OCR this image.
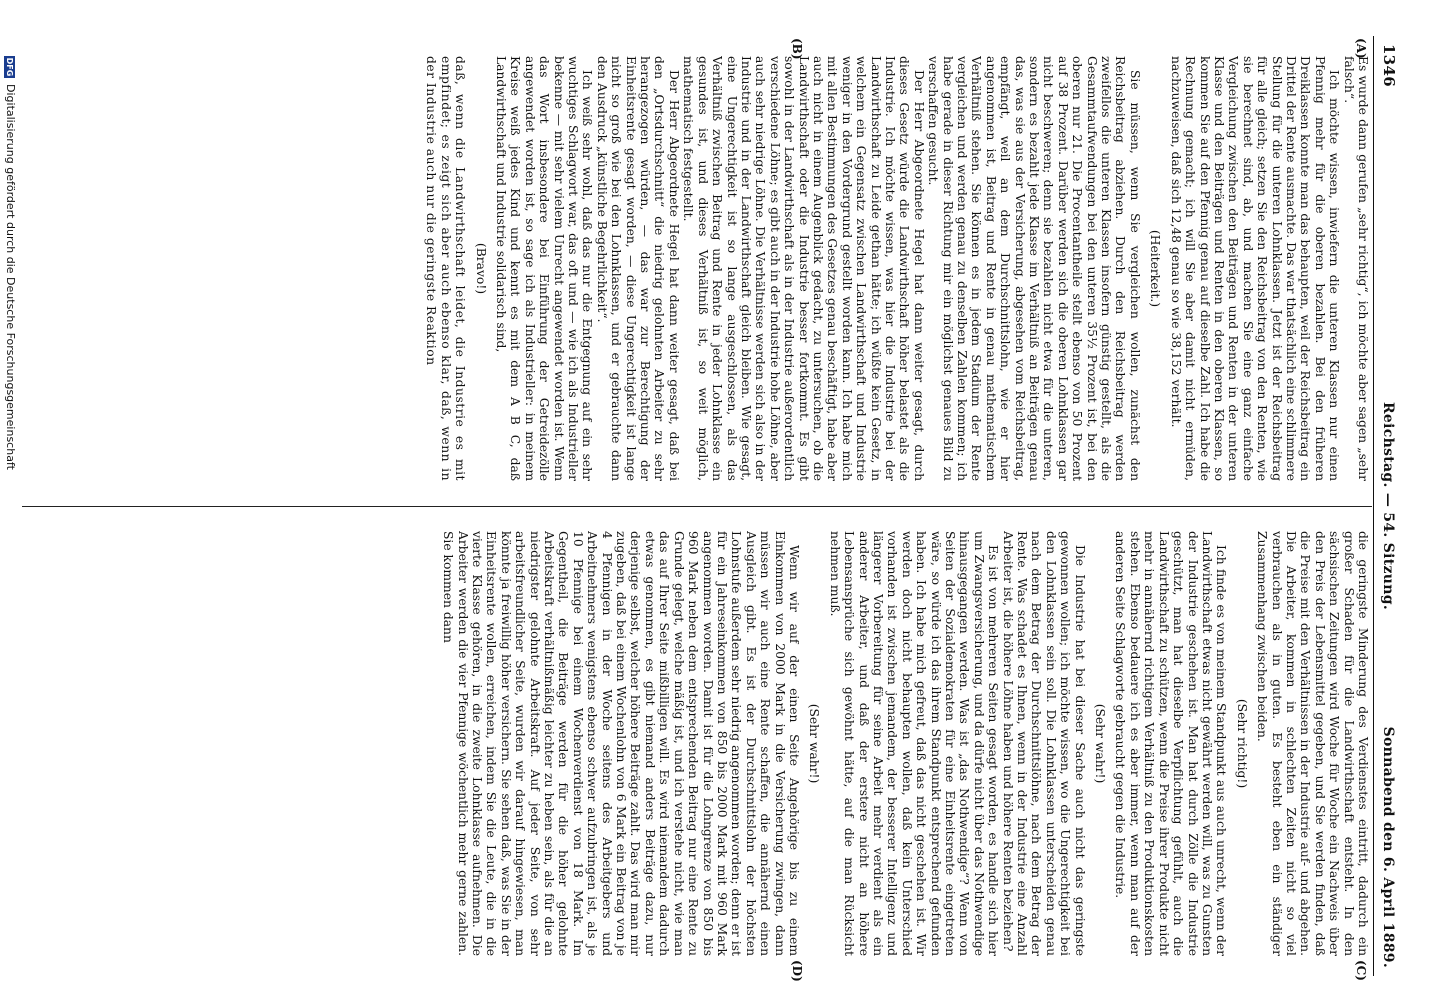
1346
Reichstag. — 54. Sitzung.
Sonnabend den 6. April 1889.
(A)
(B)
(C)
(D)

Es wurde dann gerufen „sehr richtig“, ich möchte aber sagen „sehr falsch“.

Ich möchte wissen, inwiefern die unteren Klassen nur einen Pfennig mehr für die oberen bezahlen. Bei den früheren Dreiklassen konnte man das behaupten, weil der Reichsbeitrag ein Drittel der Rente ausmachte. Das war thatsächlich eine schlimmere Stellung für die unteren Lohnklassen. Jetzt ist der Reichsbeitrag für alle gleich; setzen Sie den Reichsbeitrag von den Renten, wie sie berechnet sind, ab, und machen Sie eine ganz einfache Vergleichung zwischen den Beiträgen und Renten in der unteren Klasse und den Beiträgen und Renten in den oberen Klassen, so kommen Sie auf den Pfennig genau auf dieselbe Zahl. Ich habe die Rechnung gemacht; ich will Sie aber damit nicht ermüden, nachzuweisen, daß sich 12,48 genau so wie 38,152 verhält.

(Heiterkeit.)

Sie müssen, wenn Sie vergleichen wollen, zunächst den Reichsbeitrag abziehen. Durch den Reichsbeitrag werden zweifellos die unteren Klassen insofern günstig gestellt, als die Gesammtaufwendungen bei den unteren 35½ Prozent ist, bei den oberen nur 21. Die Procentantheile stellt ebenso von 50 Prozent auf 38 Prozent. Darüber werden sich die oberen Lohnklassen gar nicht beschweren; denn sie bezahlen nicht etwa für die unteren, sondern es bezahlt jede Klasse im Verhältniß an Beiträgen genau das, was sie aus der Versicherung, abgesehen vom Reichsbeitrag, empfängt, weil an dem Durchschnittslohn, wie er hier angenommen ist, Beitrag und Rente in genau mathematischem Verhältniß stehen. Sie können es in jedem Stadium der Rente vergleichen und werden genau zu denselben Zahlen kommen; ich habe gerade in dieser Richtung mir ein möglichst genaues Bild zu verschaffen gesucht.

Der Herr Abgeordnete Hegel hat dann weiter gesagt, durch dieses Gesetz würde die Landwirthschaft höher belastet als die Industrie. Ich möchte wissen, was hier die Industrie bei der Landwirthschaft zu Leide gethan hätte; ich wüßte kein Gesetz, in welchem ein Gegensatz zwischen Landwirthschaft und Industrie weniger in den Vordergrund gestellt worden kann. Ich habe mich mit allen Bestimmungen des Gesetzes genau beschäftigt, habe aber auch nicht in einem Augenblick gedacht, zu untersuchen, ob die Landwirthschaft oder die Industrie besser fortkommt. Es gibt sowohl in der Landwirthschaft als in der Industrie außerordentlich verschiedene Löhne; es gibt auch in der Industrie hohe Löhne, aber auch sehr niedrige Löhne. Die Verhältnisse werden sich also in der Industrie und in der Landwirthschaft gleich bleiben. Wie gesagt, eine Ungerechtigkeit ist so lange ausgeschlossen, als das Verhältniß zwischen Beitrag und Rente in jeder Lohnklasse ein gesundes ist, und dieses Verhältniß ist, so weit möglich, mathematisch festgestellt.

Der Herr Abgeordnete Hegel hat dann weiter gesagt, daß bei den „Ortsdurchschnitt“ die niedrig gelohnten Arbeiter zu sehr herangezogen würden, — das war zur Berechtigung der Einheitsrente gesagt worden, — diese Ungerechtigkeit ist lange nicht so groß wie bei den Lohnklassen, und er gebrauchte dann den Ausdruck „künstliche Begehrlichkeit“.

Ich weiß sehr wohl, daß das nur die Entgegnung auf ein sehr wuchtiges Schlagwort war, das oft und — wie ich als Industrieller bekenne — mit sehr vielem Unrecht angewendet worden ist. Wenn das Wort insbesondere bei Einführung der Getreidezölle angewendet worden ist, so sage ich als Industrieller: in meinem Kreise weiß jedes Kind und kennt es mit dem A B C, daß Landwirthschaft und Industrie solidarisch sind,

(Bravo!)

daß, wenn die Landwirthschaft leidet, die Industrie es mit empfindet; es zeigt sich aber auch ebenso klar, daß, wenn in der Industrie auch nur die geringste Reaktion

die geringste Minderung des Verdienstes eintritt, dadurch ein großer Schaden für die Landwirthschaft entsteht. In den sächsischen Zeitungen wird Woche für Woche ein Nachweis über den Preis der Lebensmittel gegeben, und Sie werden finden, daß die Preise mit den Verhältnissen in der Industrie auf- und abgehen. Die Arbeiter, kommen in schlechten Zeiten nicht so viel verbrauchen als in guten. Es besteht eben ein ständiger Zusammenhang zwischen beiden.

(Sehr richtig!)

Ich finde es von meinem Standpunkt aus auch unrecht, wenn der Landwirthschaft etwas nicht gewährt werden will, was zu Gunsten der Industrie geschehen ist. Man hat durch Zölle die Industrie geschützt, man hat dieselbe Verpflichtung gefühlt, auch die Landwirthschaft zu schützen, wenn die Preise ihrer Produkte nicht mehr in annähernd richtigem Verhältniß zu den Produktionskosten stehen. Ebenso bedauere ich es aber immer, wenn man auf der anderen Seite Schlagworte gebraucht gegen die Industrie.

(Sehr wahr!)

Die Industrie hat bei dieser Sache auch nicht das geringste gewonnen wollen; ich möchte wissen, wo die Ungerechtigkeit bei den Lohnklassen sein soll. Die Lohnklassen unterscheiden genau nach dem Betrag der Durchschnittslöhne, nach dem Betrag der Rente. Was schadet es Ihnen, wenn in der Industrie eine Anzahl Arbeiter ist, die höhere Löhne haben und höhere Renten beziehen?

Es ist von mehreren Seiten gesagt worden, es handle sich hier um Zwangsversicherung, und da dürfe nicht über das Nothwendige hinausgegangen werden. Was ist „das Nothwendige“? Wenn von Seiten der Sozialdemokraten für eine Einheitsrente eingetreten wäre, so würde ich das ihrem Standpunkt entsprechend gefunden haben. Ich habe mich gefreut, daß das nicht geschehen ist. Wir werden doch nicht behaupten wollen, daß kein Unterschied vorhanden ist zwischen jemandem, der besserer Intelligenz und längerer Vorbereitung für seine Arbeit mehr verdient als ein anderer Arbeiter, und daß der erstere nicht an höhere Lebensansprüche sich gewöhnt hätte, auf die man Rücksicht nehmen muß.

(Sehr wahr!)

Wenn wir auf der einen Seite Angehörige bis zu einem Einkommen von 2000 Mark in die Versicherung zwingen, dann müssen wir auch eine Rente schaffen, die annähernd einen Ausgleich gibt. Es ist der Durchschnittslohn der höchsten Lohnstufe außerdem sehr niedrig angenommen worden; denn er ist für ein Jahreseinkommen von 850 bis 2000 Mark mit 960 Mark angenommen worden. Damit ist für die Lohngrenze von 850 bis 960 Mark neben dem entsprechenden Beitrag nur eine Rente zu Grunde gelegt, welche mäßig ist, und ich verstehe nicht, wie man das auf Ihrer Seite mißbilligen will. Es wird niemandem dadurch etwas genommen, es gibt niemand anders Beiträge dazu, nur derjenige selbst, welcher höhere Beiträge zahlt. Das wird man mir zugeben, daß bei einem Wochenlohn von 6 Mark ein Beitrag von je 4 Pfennigen in der Woche seitens des Arbeitgebers und Arbeitnehmers wenigstens ebenso schwer aufzubringen ist, als je 10 Pfennige bei einem Wochenverdienst von 18 Mark. Im Gegentheil, die Beiträge werden für die höher gelohnte Arbeitskraft verhältnißmäßig leichter zu heben sein, als für die an niedrigster gelohnte Arbeitskraft. Auf jeder Seite, von sehr arbeitsfreundlicher Seite, wurden wir darauf hingewiesen, man könnte ja freiwillig höher versichern. Sie sehen daß, was Sie in der Einheitsrente wollen, erreichen, indem Sie die Leute, die in die vierte Klasse gehören, in die zweite Lohnklasse aufnehmen. Die Arbeiter werden die vier Pfennige wöchentlich mehr gerne zahlen. Sie kommen dann

DFGDigitalisierung gefördert durch die Deutsche Forschungsgemeinschaft
